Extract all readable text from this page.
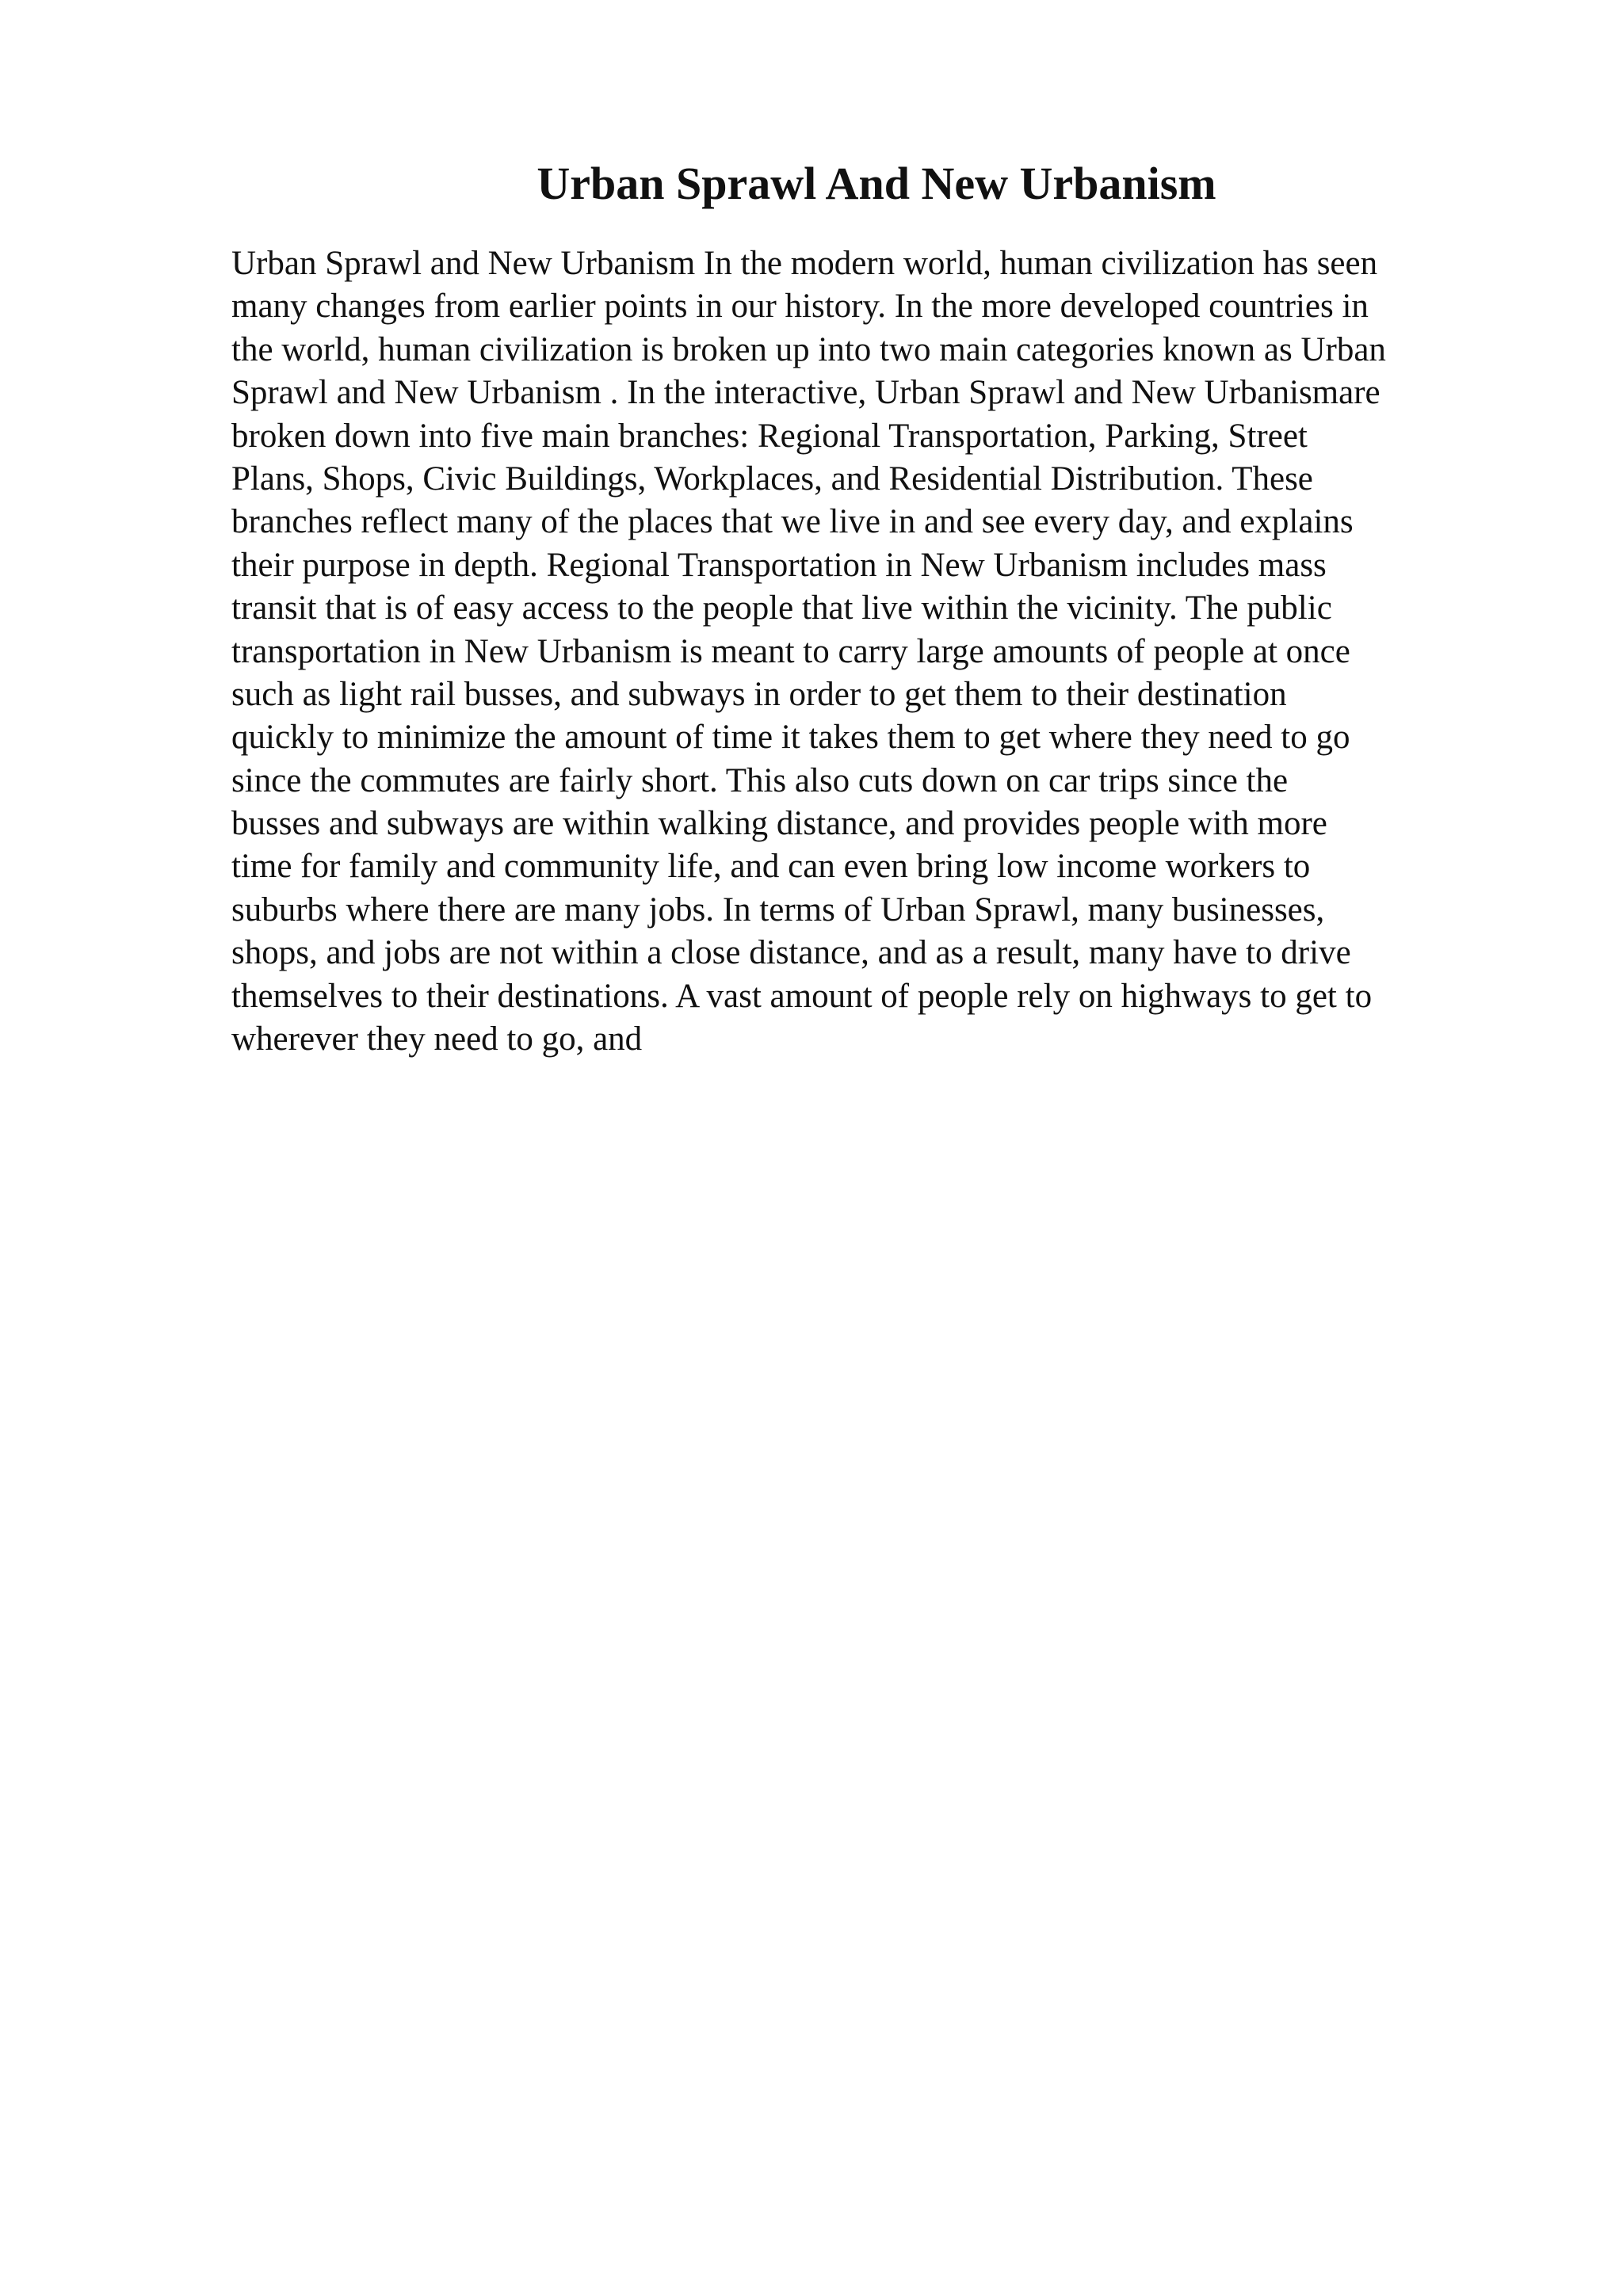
Urban Sprawl And New Urbanism
Urban Sprawl and New Urbanism In the modern world, human civilization has seen
many changes from earlier points in our history. In the more developed countries in
the world, human civilization is broken up into two main categories known as Urban
Sprawl and New Urbanism . In the interactive, Urban Sprawl and New Urbanismare
broken down into five main branches: Regional Transportation, Parking, Street
Plans, Shops, Civic Buildings, Workplaces, and Residential Distribution. These
branches reflect many of the places that we live in and see every day, and explains
their purpose in depth. Regional Transportation in New Urbanism includes mass
transit that is of easy access to the people that live within the vicinity. The public
transportation in New Urbanism is meant to carry large amounts of people at once
such as light rail busses, and subways in order to get them to their destination
quickly to minimize the amount of time it takes them to get where they need to go
since the commutes are fairly short. This also cuts down on car trips since the
busses and subways are within walking distance, and provides people with more
time for family and community life, and can even bring low income workers to
suburbs where there are many jobs. In terms of Urban Sprawl, many businesses,
shops, and jobs are not within a close distance, and as a result, many have to drive
themselves to their destinations. A vast amount of people rely on highways to get to
wherever they need to go, and
